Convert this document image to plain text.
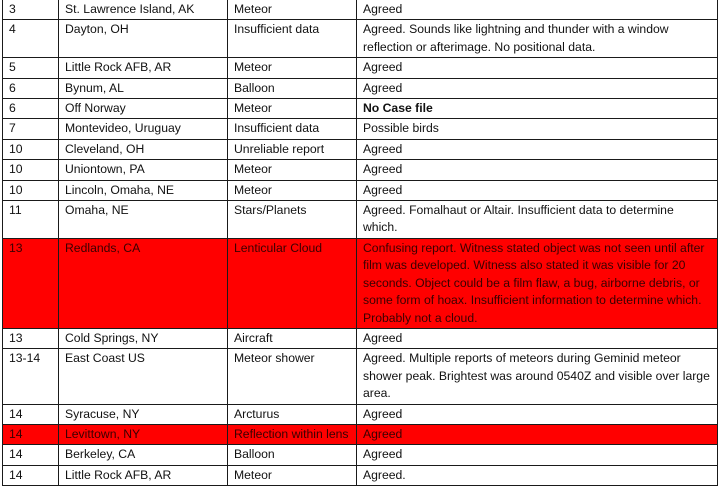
3	St. Lawrence Island, AK	Meteor	Agreed
4	Dayton, OH	Insufficient data	Agreed. Sounds like lightning and thunder with a window reflection or afterimage. No positional data.
5	Little Rock AFB, AR	Meteor	Agreed
6	Bynum, AL	Balloon	Agreed
6	Off Norway	Meteor	No Case file
7	Montevideo, Uruguay	Insufficient data	Possible birds
10	Cleveland, OH	Unreliable report	Agreed
10	Uniontown, PA	Meteor	Agreed
10	Lincoln, Omaha, NE	Meteor	Agreed
11	Omaha, NE	Stars/Planets	Agreed. Fomalhaut or Altair. Insufficient data to determine which.
13	Redlands, CA	Lenticular Cloud	Confusing report. Witness stated object was not seen until after film was developed. Witness also stated it was visible for 20 seconds. Object could be a film flaw, a bug, airborne debris, or some form of hoax. Insufficient information to determine which. Probably not a cloud.
13	Cold Springs, NY	Aircraft	Agreed
13-14	East Coast US	Meteor shower	Agreed. Multiple reports of meteors during Geminid meteor shower peak. Brightest was around 0540Z and visible over large area.
14	Syracuse, NY	Arcturus	Agreed
14	Levittown, NY	Reflection within lens	Agreed
14	Berkeley, CA	Balloon	Agreed
14	Little Rock AFB, AR	Meteor	Agreed.
